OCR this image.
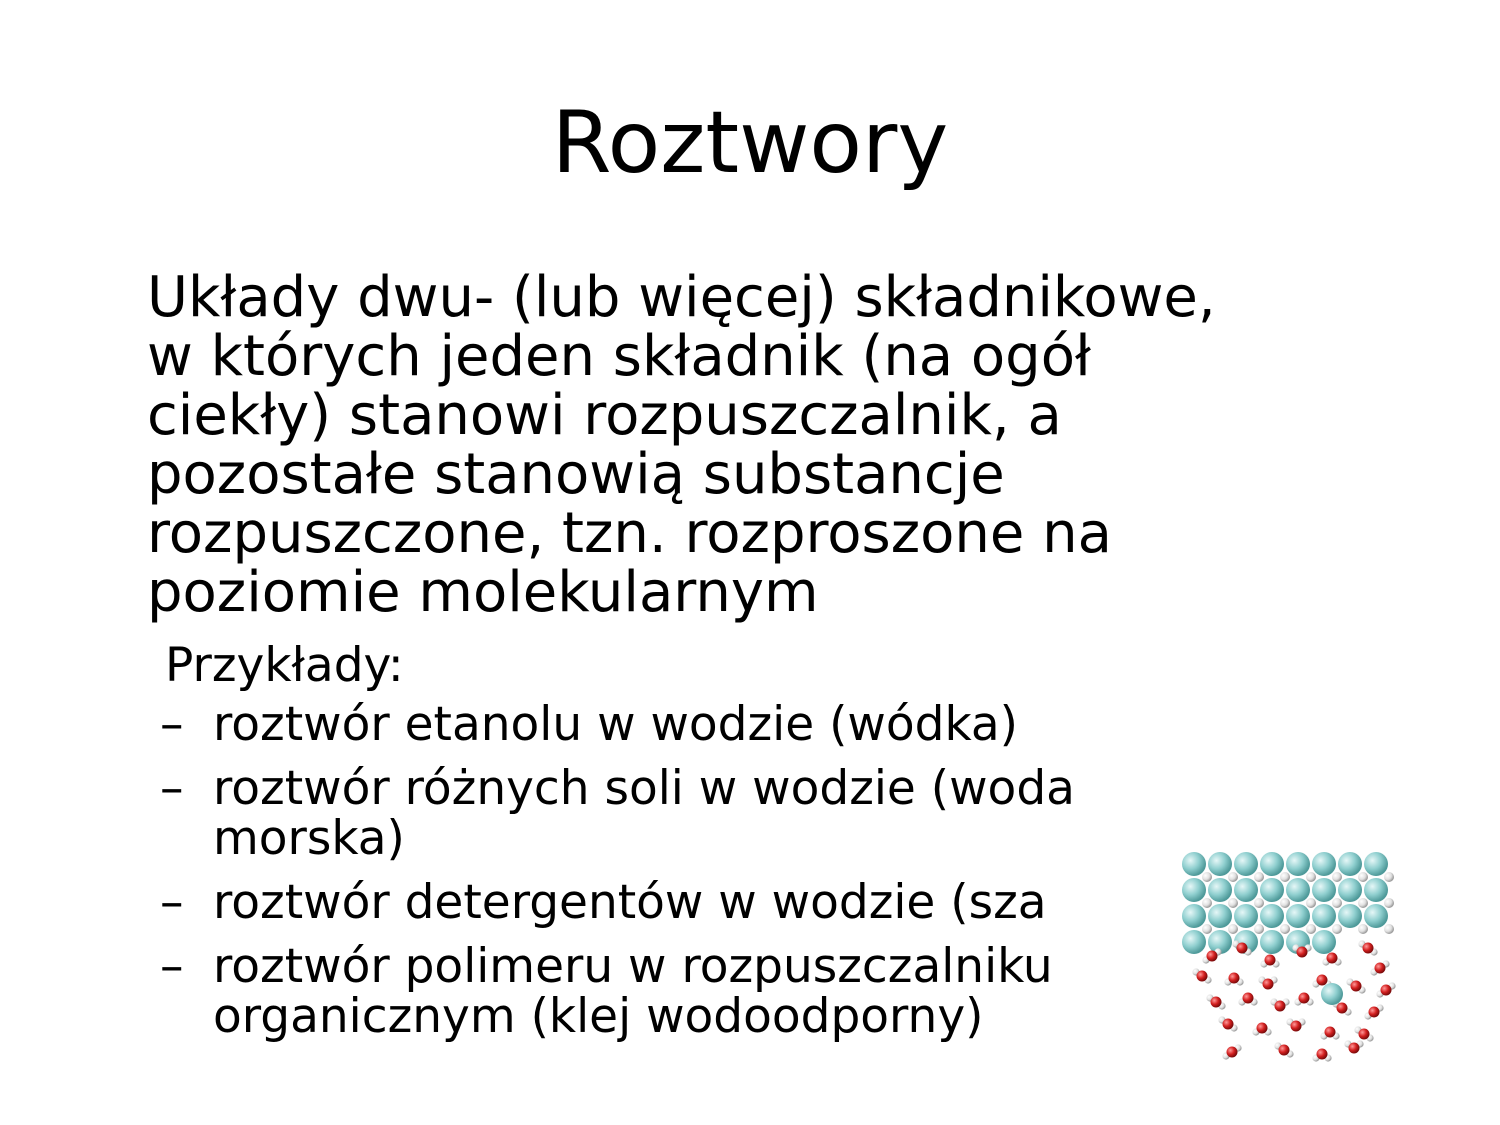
Roztwory
Układy dwu- (lub więcej) składnikowe,
w których jeden składnik (na ogół
ciekły) stanowi rozpuszczalnik, a
pozostałe stanowią substancje
rozpuszczone, tzn. rozproszone na
poziomie molekularnym

Przykłady:

– roztwór etanolu w wodzie (wódka)
– roztwór różnych soli w wodzie (woda
morska)
– roztwór detergentów w wodzie (sza
– roztwór polimeru w rozpuszczalniku
organicznym (klej wodoodporny)
